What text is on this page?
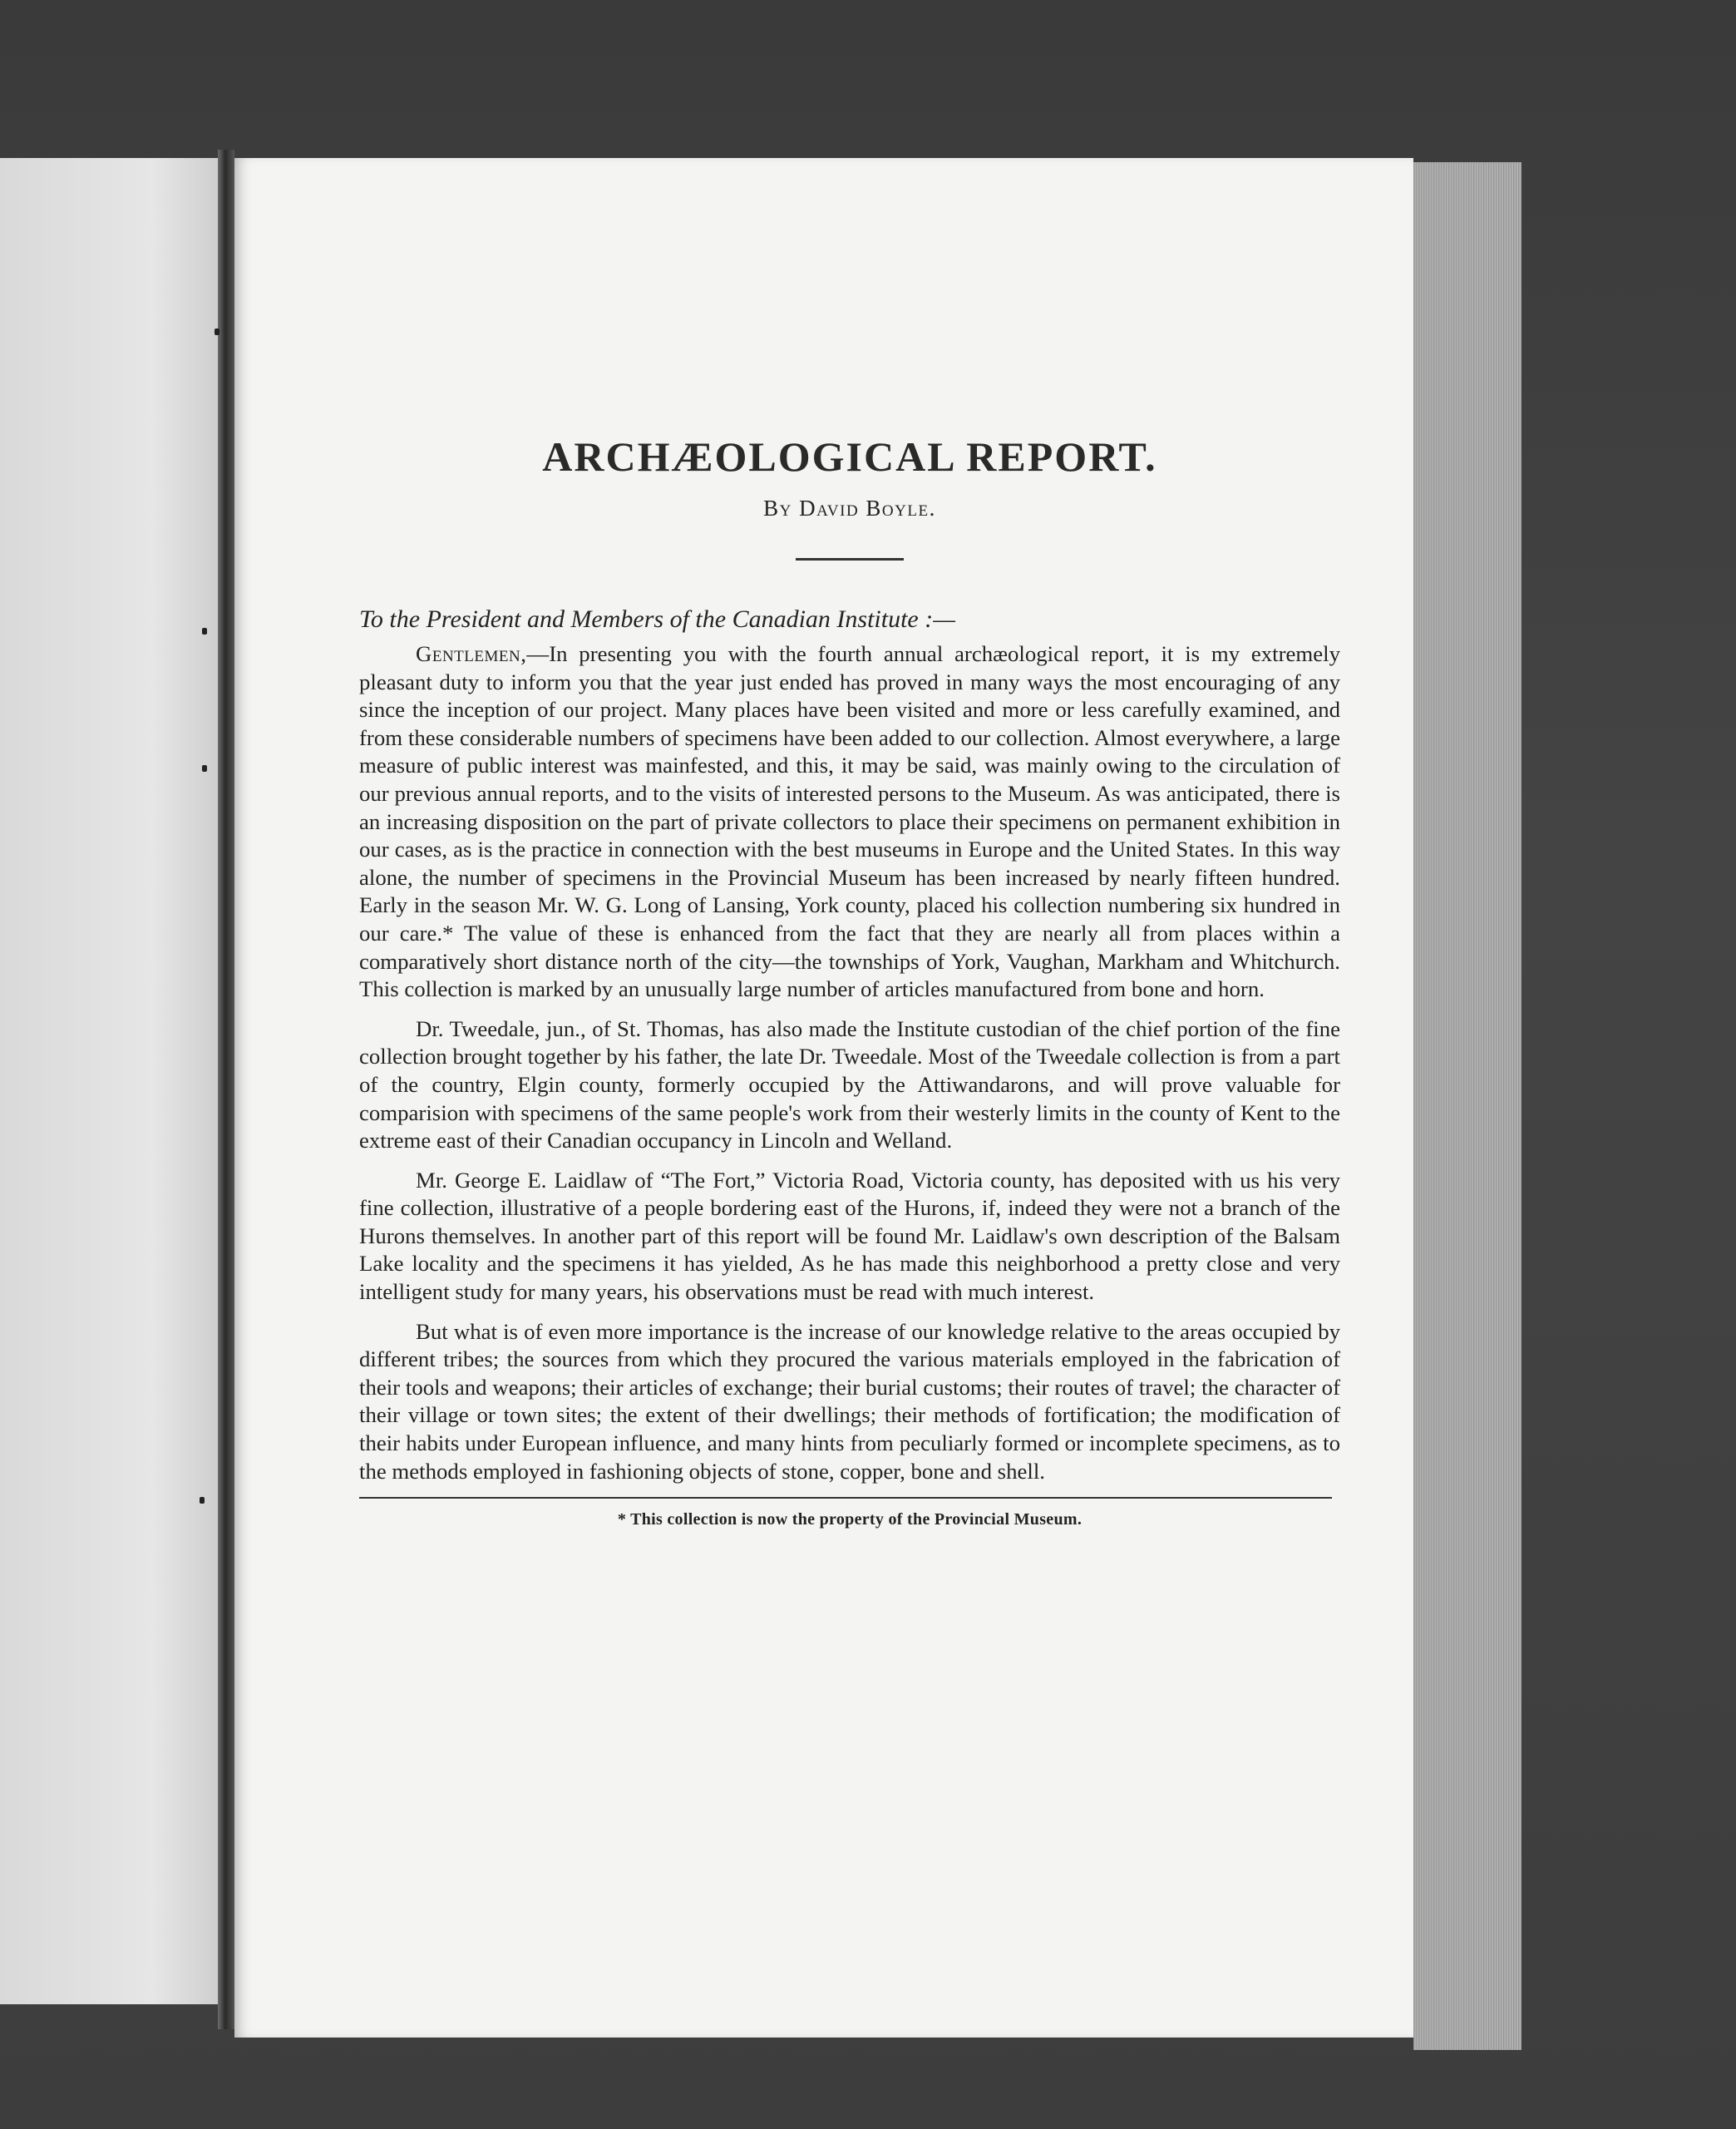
ARCHÆOLOGICAL REPORT.

By David Boyle.

To the President and Members of the Canadian Institute :—

Gentlemen,—In presenting you with the fourth annual archæological report, it is my extremely pleasant duty to inform you that the year just ended has proved in many ways the most encouraging of any since the inception of our project. Many places have been visited and more or less carefully examined, and from these considerable numbers of specimens have been added to our collection. Almost everywhere, a large measure of public interest was mainfested, and this, it may be said, was mainly owing to the circulation of our previous annual reports, and to the visits of interested persons to the Museum. As was anticipated, there is an increasing disposition on the part of private collectors to place their specimens on permanent exhibition in our cases, as is the practice in connection with the best museums in Europe and the United States. In this way alone, the number of specimens in the Provincial Museum has been increased by nearly fifteen hundred. Early in the season Mr. W. G. Long of Lansing, York county, placed his collection numbering six hundred in our care.* The value of these is enhanced from the fact that they are nearly all from places within a comparatively short distance north of the city—the townships of York, Vaughan, Markham and Whitchurch. This collection is marked by an unusually large number of articles manufactured from bone and horn.

Dr. Tweedale, jun., of St. Thomas, has also made the Institute custodian of the chief portion of the fine collection brought together by his father, the late Dr. Tweedale. Most of the Tweedale collection is from a part of the country, Elgin county, formerly occupied by the Attiwandarons, and will prove valuable for comparision with specimens of the same people's work from their westerly limits in the county of Kent to the extreme east of their Canadian occupancy in Lincoln and Welland.

Mr. George E. Laidlaw of “The Fort,” Victoria Road, Victoria county, has deposited with us his very fine collection, illustrative of a people bordering east of the Hurons, if, indeed they were not a branch of the Hurons themselves. In another part of this report will be found Mr. Laidlaw's own description of the Balsam Lake locality and the specimens it has yielded, As he has made this neighborhood a pretty close and very intelligent study for many years, his observations must be read with much interest.

But what is of even more importance is the increase of our knowledge relative to the areas occupied by different tribes; the sources from which they procured the various materials employed in the fabrication of their tools and weapons; their articles of exchange; their burial customs; their routes of travel; the character of their village or town sites; the extent of their dwellings; their methods of fortification; the modification of their habits under European influence, and many hints from peculiarly formed or incomplete specimens, as to the methods employed in fashioning objects of stone, copper, bone and shell.

* This collection is now the property of the Provincial Museum.
